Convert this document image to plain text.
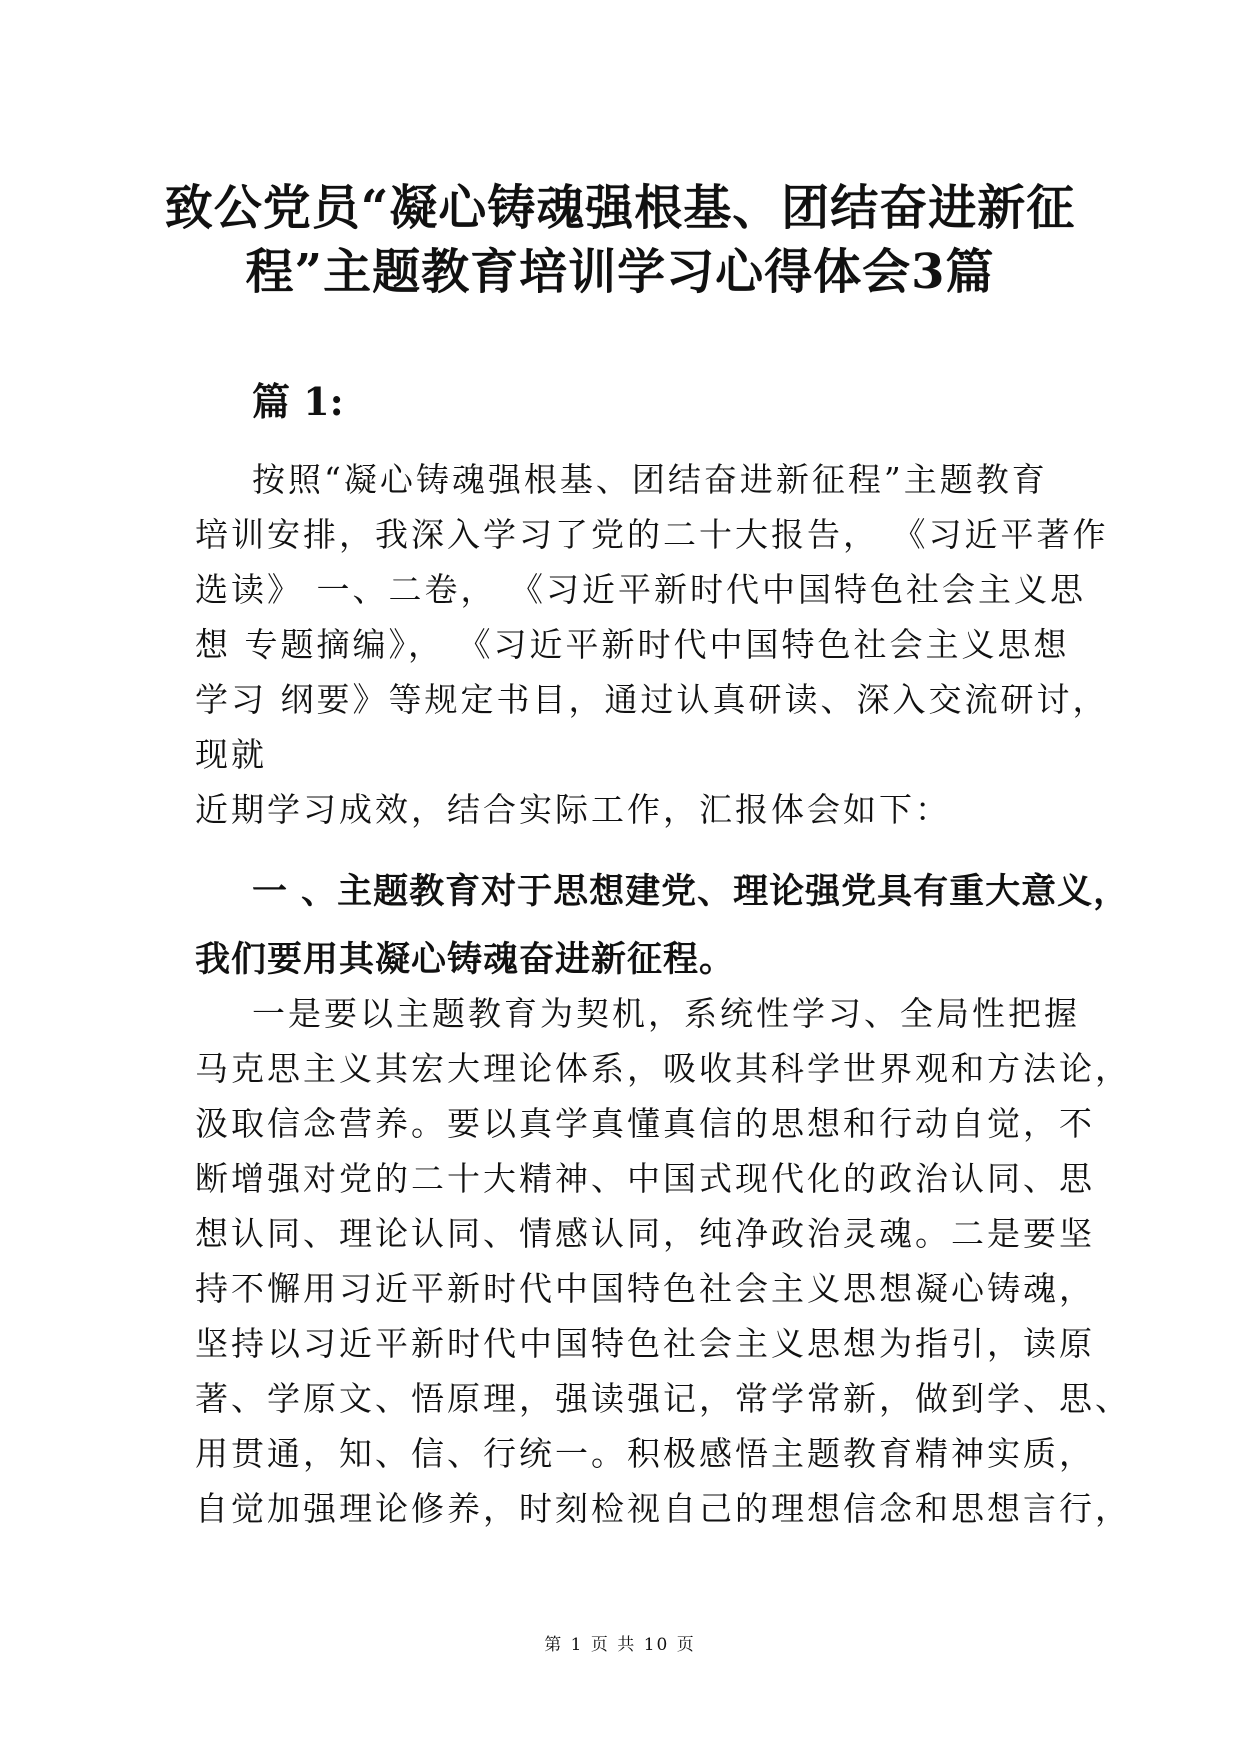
致公党员“凝心铸魂强根基、团结奋进新征
程”主题教育培训学习心得体会3篇
篇 1:
按照“凝心铸魂强根基、团结奋进新征程”主题教育
培训安排，我深入学习了党的二十大报告， 《习近平著作
选读》 一、二卷， 《习近平新时代中国特色社会主义思
想 专题摘编》， 《习近平新时代中国特色社会主义思想
学习 纲要》等规定书目，通过认真研读、深入交流研讨，
现就
近期学习成效，结合实际工作，汇报体会如下：
一 、主题教育对于思想建党、理论强党具有重大意义，
我们要用其凝心铸魂奋进新征程。
一是要以主题教育为契机，系统性学习、全局性把握
马克思主义其宏大理论体系，吸收其科学世界观和方法论，
汲取信念营养。要以真学真懂真信的思想和行动自觉，不
断增强对党的二十大精神、中国式现代化的政治认同、思
想认同、理论认同、情感认同，纯净政治灵魂。二是要坚
持不懈用习近平新时代中国特色社会主义思想凝心铸魂，
坚持以习近平新时代中国特色社会主义思想为指引，读原
著、学原文、悟原理，强读强记，常学常新，做到学、思、
用贯通，知、信、行统一。积极感悟主题教育精神实质，
自觉加强理论修养，时刻检视自己的理想信念和思想言行，
第 1 页 共 10 页
